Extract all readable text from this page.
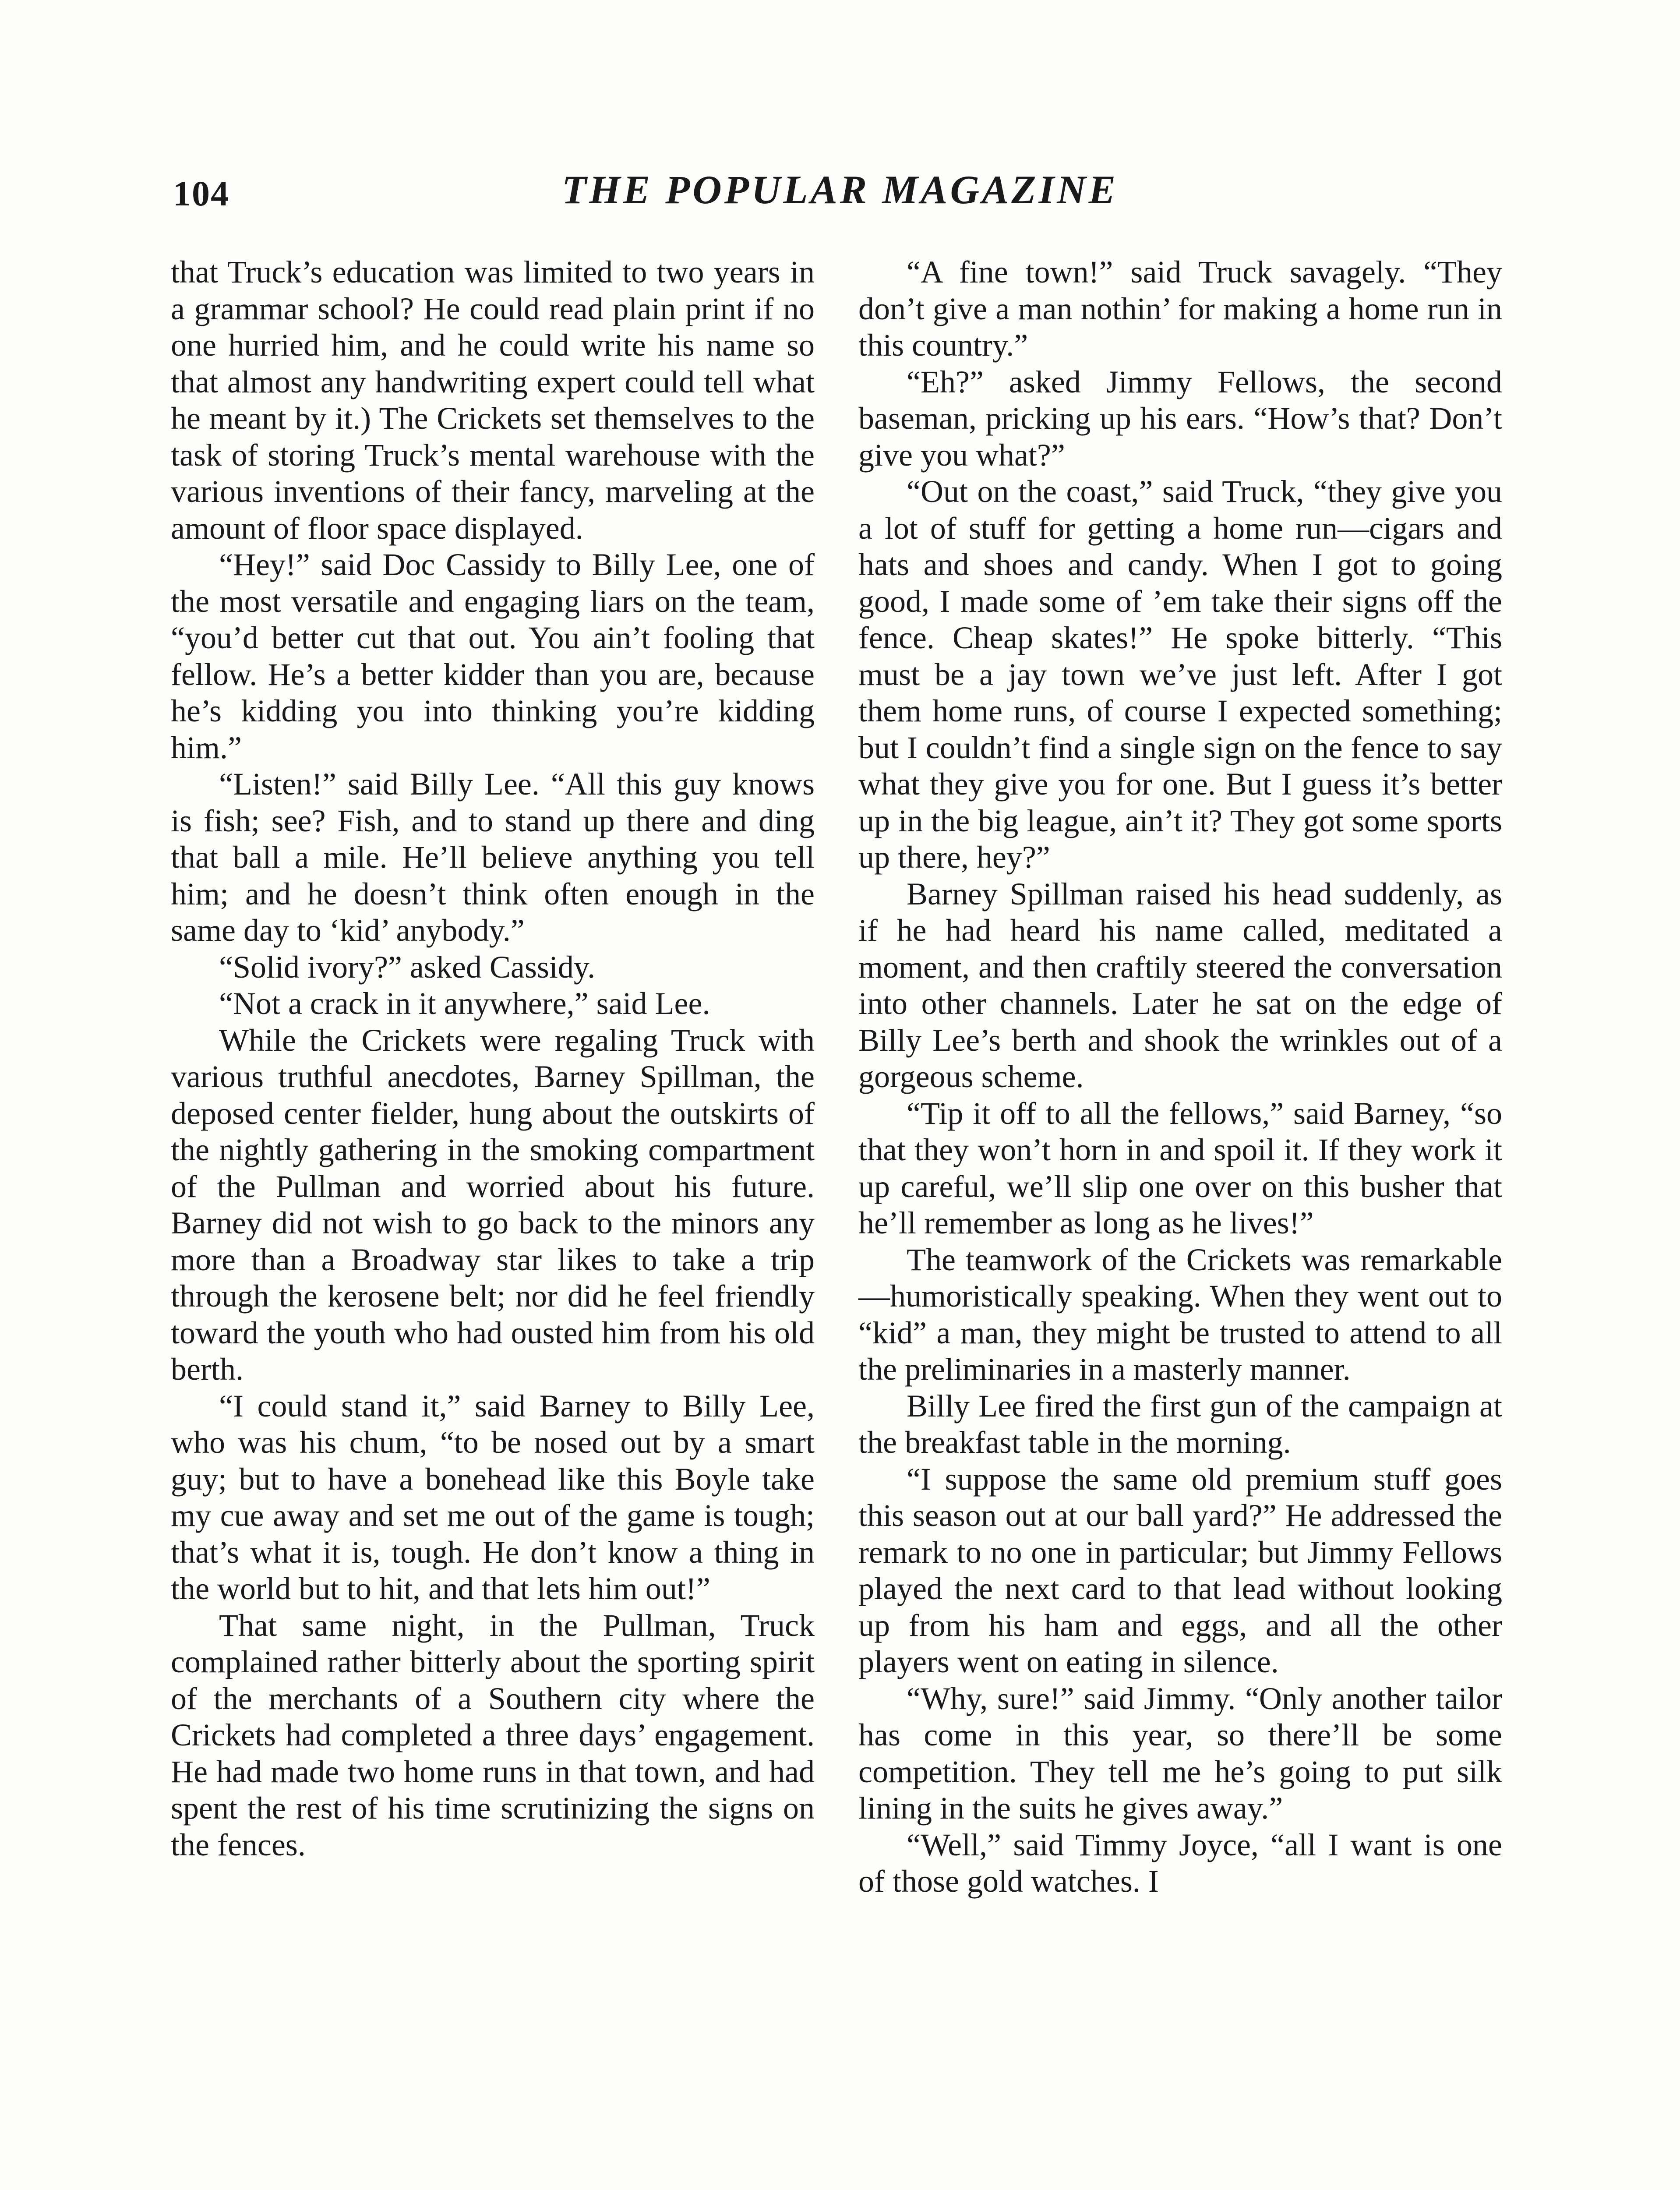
104	THE POPULAR MAGAZINE

that Truck’s education was limited to two years in a grammar school? He could read plain print if no one hurried him, and he could write his name so that almost any handwriting expert could tell what he meant by it.) The Crickets set themselves to the task of storing Truck’s mental warehouse with the various inventions of their fancy, marveling at the amount of floor space displayed.

“Hey!” said Doc Cassidy to Billy Lee, one of the most versatile and engaging liars on the team, “you’d better cut that out. You ain’t fooling that fellow. He’s a better kidder than you are, because he’s kidding you into thinking you’re kidding him.”

“Listen!” said Billy Lee. “All this guy knows is fish; see? Fish, and to stand up there and ding that ball a mile. He’ll believe anything you tell him; and he doesn’t think often enough in the same day to ‘kid’ anybody.”

“Solid ivory?” asked Cassidy.

“Not a crack in it anywhere,” said Lee.

While the Crickets were regaling Truck with various truthful anecdotes, Barney Spillman, the deposed center fielder, hung about the outskirts of the nightly gathering in the smoking compartment of the Pullman and worried about his future. Barney did not wish to go back to the minors any more than a Broadway star likes to take a trip through the kerosene belt; nor did he feel friendly toward the youth who had ousted him from his old berth.

“I could stand it,” said Barney to Billy Lee, who was his chum, “to be nosed out by a smart guy; but to have a bonehead like this Boyle take my cue away and set me out of the game is tough; that’s what it is, tough. He don’t know a thing in the world but to hit, and that lets him out!”

That same night, in the Pullman, Truck complained rather bitterly about the sporting spirit of the merchants of a Southern city where the Crickets had completed a three days’ engagement. He had made two home runs in that town, and had spent the rest of his time scrutinizing the signs on the fences.

“A fine town!” said Truck savagely. “They don’t give a man nothin’ for making a home run in this country.”

“Eh?” asked Jimmy Fellows, the second baseman, pricking up his ears. “How’s that? Don’t give you what?”

“Out on the coast,” said Truck, “they give you a lot of stuff for getting a home run—cigars and hats and shoes and candy. When I got to going good, I made some of ’em take their signs off the fence. Cheap skates!” He spoke bitterly. “This must be a jay town we’ve just left. After I got them home runs, of course I expected something; but I couldn’t find a single sign on the fence to say what they give you for one. But I guess it’s better up in the big league, ain’t it? They got some sports up there, hey?”

Barney Spillman raised his head suddenly, as if he had heard his name called, meditated a moment, and then craftily steered the conversation into other channels. Later he sat on the edge of Billy Lee’s berth and shook the wrinkles out of a gorgeous scheme.

“Tip it off to all the fellows,” said Barney, “so that they won’t horn in and spoil it. If they work it up careful, we’ll slip one over on this busher that he’ll remember as long as he lives!”

The teamwork of the Crickets was remarkable—humoristically speaking. When they went out to “kid” a man, they might be trusted to attend to all the preliminaries in a masterly manner.

Billy Lee fired the first gun of the campaign at the breakfast table in the morning.

“I suppose the same old premium stuff goes this season out at our ball yard?” He addressed the remark to no one in particular; but Jimmy Fellows played the next card to that lead without looking up from his ham and eggs, and all the other players went on eating in silence.

“Why, sure!” said Jimmy. “Only another tailor has come in this year, so there’ll be some competition. They tell me he’s going to put silk lining in the suits he gives away.”

“Well,” said Timmy Joyce, “all I want is one of those gold watches. I
